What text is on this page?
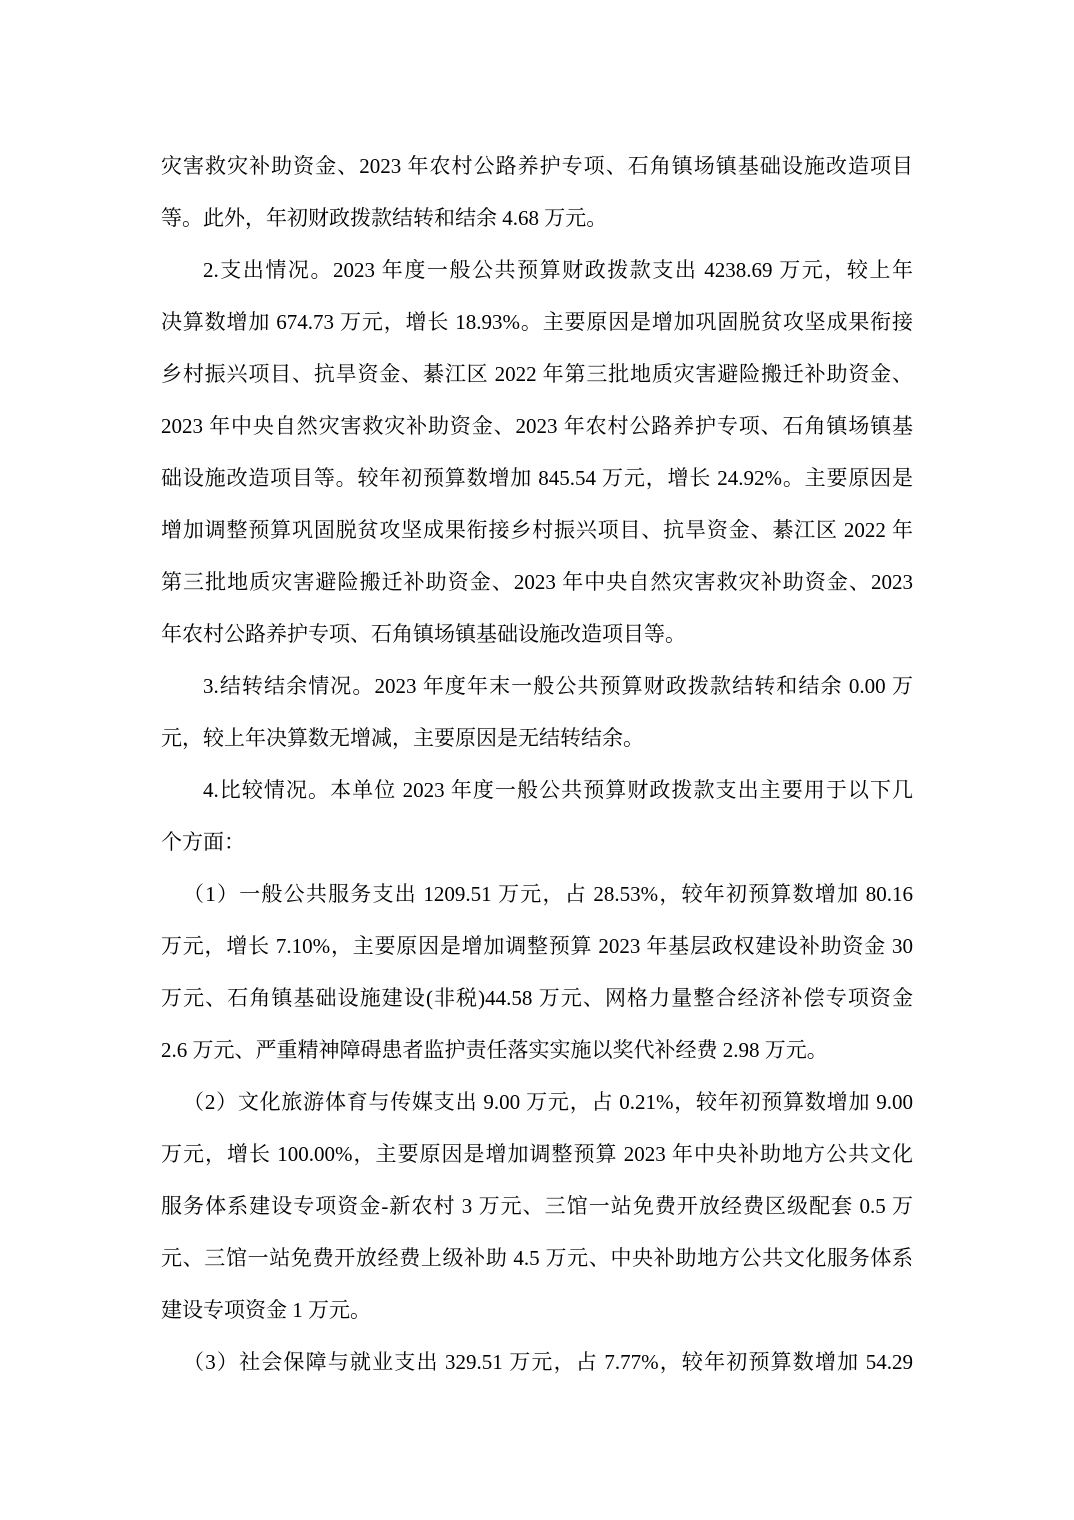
灾害救灾补助资金、2023 年农村公路养护专项、石角镇场镇基础设施改造项目
等。此外，年初财政拨款结转和结余 4.68 万元。
2.支出情况。2023 年度一般公共预算财政拨款支出 4238.69 万元，较上年
决算数增加 674.73 万元，增长 18.93%。主要原因是增加巩固脱贫攻坚成果衔接
乡村振兴项目、抗旱资金、綦江区 2022 年第三批地质灾害避险搬迁补助资金、
2023 年中央自然灾害救灾补助资金、2023 年农村公路养护专项、石角镇场镇基
础设施改造项目等。较年初预算数增加 845.54 万元，增长 24.92%。主要原因是
增加调整预算巩固脱贫攻坚成果衔接乡村振兴项目、抗旱资金、綦江区 2022 年
第三批地质灾害避险搬迁补助资金、2023 年中央自然灾害救灾补助资金、2023
年农村公路养护专项、石角镇场镇基础设施改造项目等。
3.结转结余情况。2023 年度年末一般公共预算财政拨款结转和结余 0.00 万
元，较上年决算数无增减，主要原因是无结转结余。
4.比较情况。本单位 2023 年度一般公共预算财政拨款支出主要用于以下几
个方面：
（1）一般公共服务支出 1209.51 万元，占 28.53%，较年初预算数增加 80.16
万元，增长 7.10%，主要原因是增加调整预算 2023 年基层政权建设补助资金 30
万元、石角镇基础设施建设(非税)44.58 万元、网格力量整合经济补偿专项资金
2.6 万元、严重精神障碍患者监护责任落实实施以奖代补经费 2.98 万元。
（2）文化旅游体育与传媒支出 9.00 万元，占 0.21%，较年初预算数增加 9.00
万元，增长 100.00%，主要原因是增加调整预算 2023 年中央补助地方公共文化
服务体系建设专项资金-新农村 3 万元、三馆一站免费开放经费区级配套 0.5 万
元、三馆一站免费开放经费上级补助 4.5 万元、中央补助地方公共文化服务体系
建设专项资金 1 万元。
（3）社会保障与就业支出 329.51 万元，占 7.77%，较年初预算数增加 54.29
